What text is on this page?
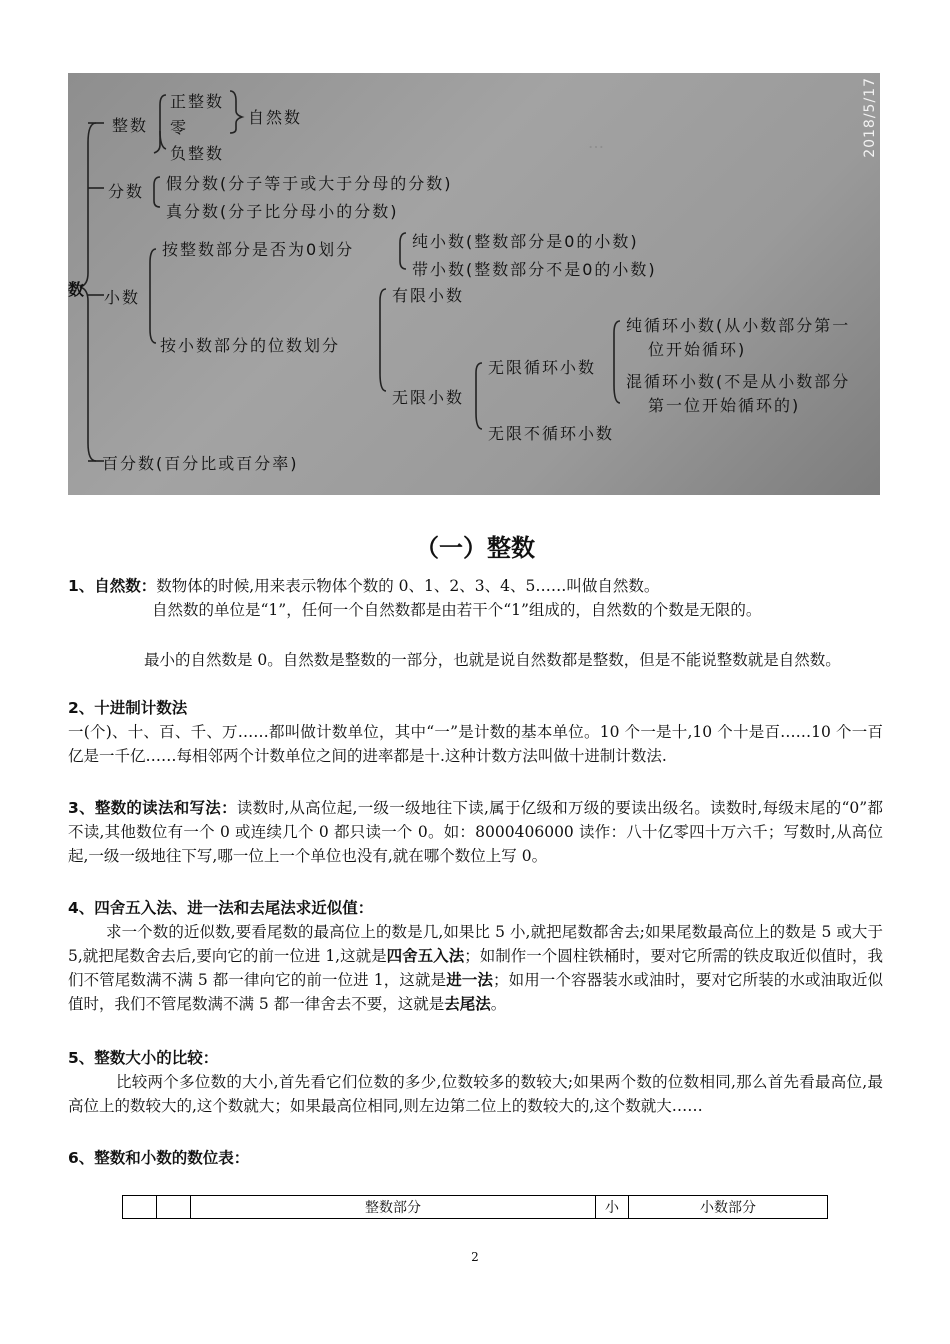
…
数
整数
正整数
零
负整数
自然数
分数 假分数(分子等于或大于分母的分数)
真分数(分子比分母小的分数)
小数
按整数部分是否为0划分	纯小数(整数部分是0的小数)
带小数(整数部分不是0的小数)
按小数部分的位数划分
有限小数
无限小数
无限循环小数
纯循环小数(从小数部分第一
位开始循环)
混循环小数(不是从小数部分
第一位开始循环的)
无限不循环小数
百分数(百分比或百分率)
2018/5/17
（一）整数
1、自然数：数物体的时候,用来表示物体个数的 0、1、2、3、4、5……叫做自然数。
自然数的单位是“1”，任何一个自然数都是由若干个“1”组成的，自然数的个数是无限的。
最小的自然数是 0。自然数是整数的一部分，也就是说自然数都是整数，但是不能说整数就是自然数。
2、十进制计数法
一(个)、十、百、千、万……都叫做计数单位，其中“一”是计数的基本单位。10 个一是十,10 个十是百……10 个一百亿是一千亿……每相邻两个计数单位之间的进率都是十.这种计数方法叫做十进制计数法.
3、整数的读法和写法：读数时,从高位起,一级一级地往下读,属于亿级和万级的要读出级名。读数时,每级末尾的“0”都不读,其他数位有一个 0 或连续几个 0 都只读一个 0。如：8000406000 读作：八十亿零四十万六千；写数时,从高位起,一级一级地往下写,哪一位上一个单位也没有,就在哪个数位上写 0。
4、四舍五入法、进一法和去尾法求近似值：
求一个数的近似数,要看尾数的最高位上的数是几,如果比 5 小,就把尾数都舍去;如果尾数最高位上的数是 5 或大于 5,就把尾数舍去后,要向它的前一位进 1,这就是四舍五入法；如制作一个圆柱铁桶时，要对它所需的铁皮取近似值时，我们不管尾数满不满 5 都一律向它的前一位进 1，这就是进一法；如用一个容器装水或油时，要对它所装的水或油取近似值时，我们不管尾数满不满 5 都一律舍去不要，这就是去尾法。
5、整数大小的比较：
比较两个多位数的大小,首先看它们位数的多少,位数较多的数较大;如果两个数的位数相同,那么首先看最高位,最高位上的数较大的,这个数就大；如果最高位相同,则左边第二位上的数较大的,这个数就大……
6、整数和小数的数位表：
		整数部分	小	小数部分
2
